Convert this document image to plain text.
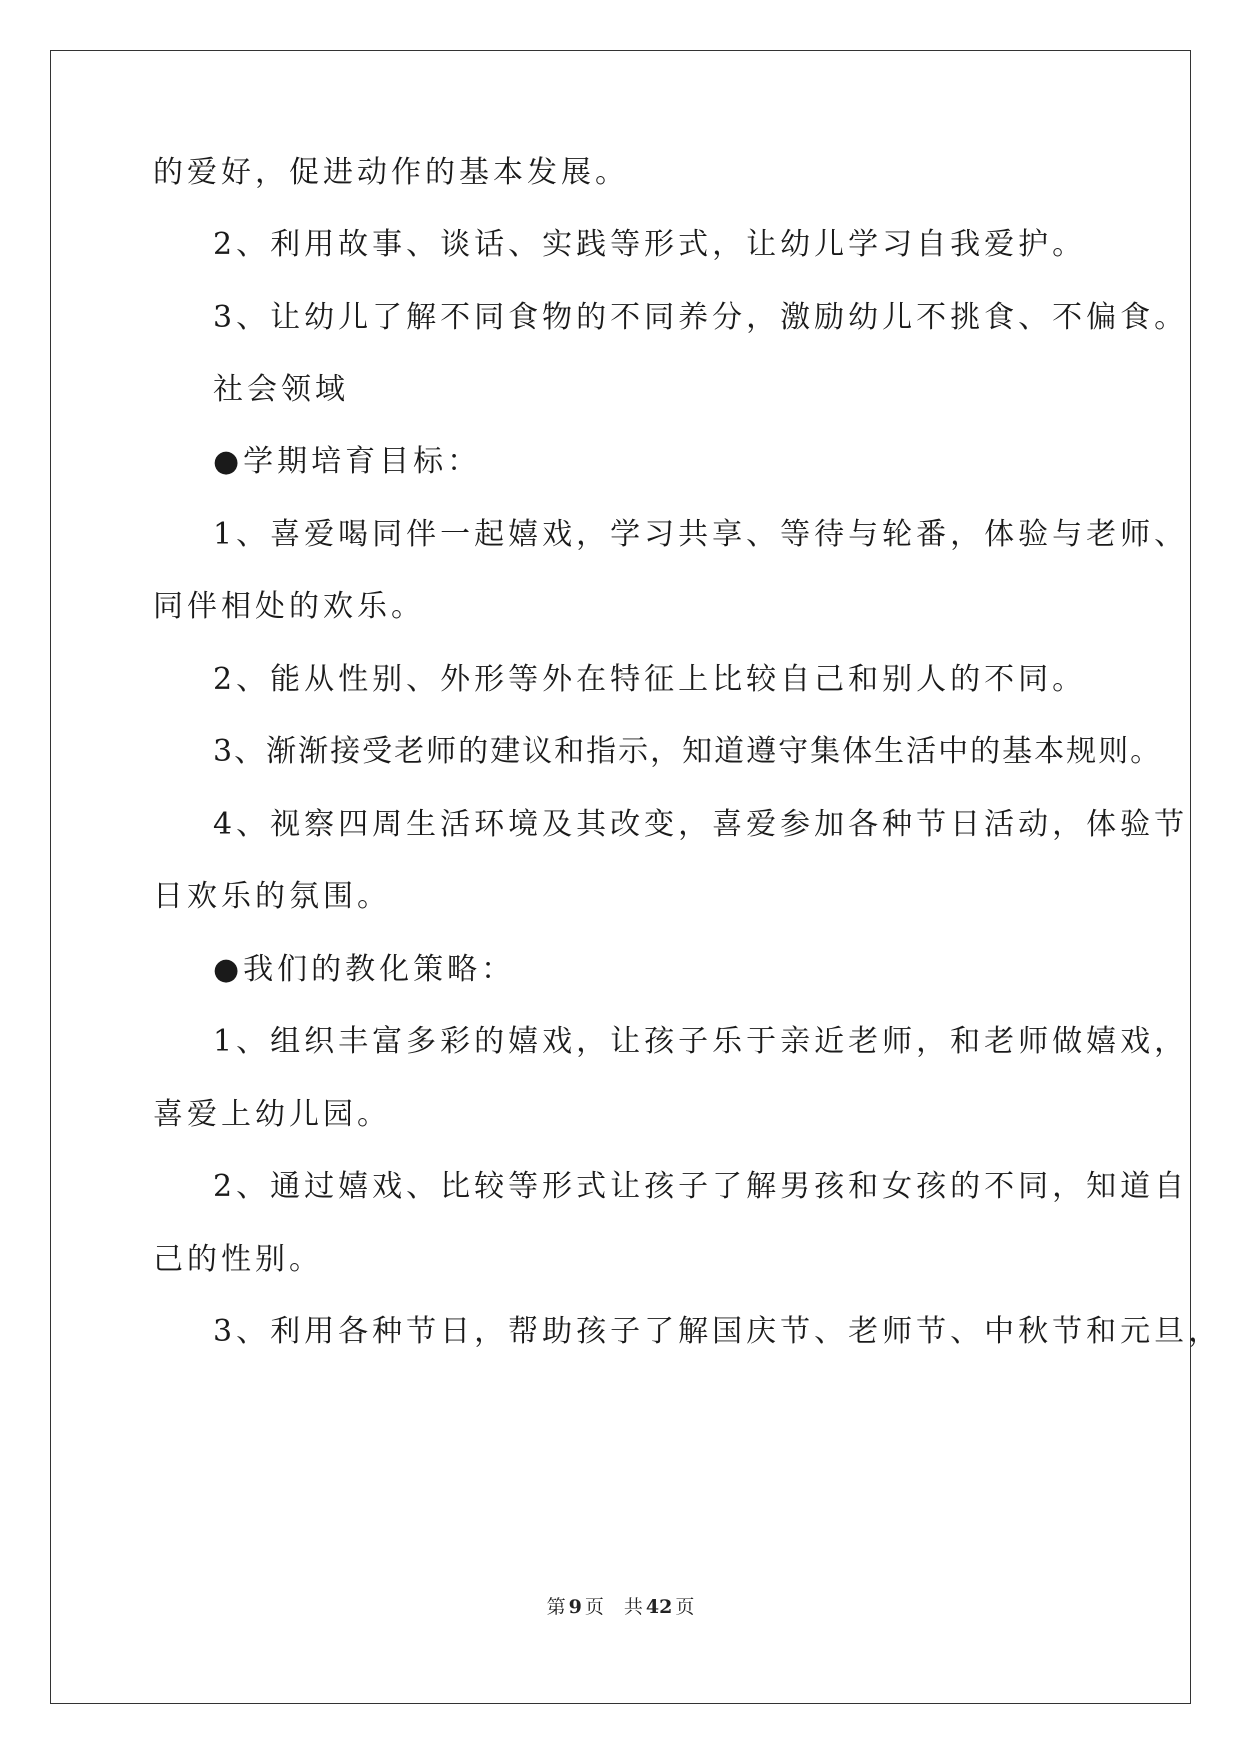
的爱好，促进动作的基本发展。
2、利用故事、谈话、实践等形式，让幼儿学习自我爱护。
3、让幼儿了解不同食物的不同养分，激励幼儿不挑食、不偏食。
社会领域
●学期培育目标：
1、喜爱喝同伴一起嬉戏，学习共享、等待与轮番，体验与老师、
同伴相处的欢乐。
2、能从性别、外形等外在特征上比较自己和别人的不同。
3、渐渐接受老师的建议和指示，知道遵守集体生活中的基本规则。
4、视察四周生活环境及其改变，喜爱参加各种节日活动，体验节
日欢乐的氛围。
●我们的教化策略：
1、组织丰富多彩的嬉戏，让孩子乐于亲近老师，和老师做嬉戏，
喜爱上幼儿园。
2、通过嬉戏、比较等形式让孩子了解男孩和女孩的不同，知道自
己的性别。
3、利用各种节日，帮助孩子了解国庆节、老师节、中秋节和元旦，
第 9 页 共 42 页
